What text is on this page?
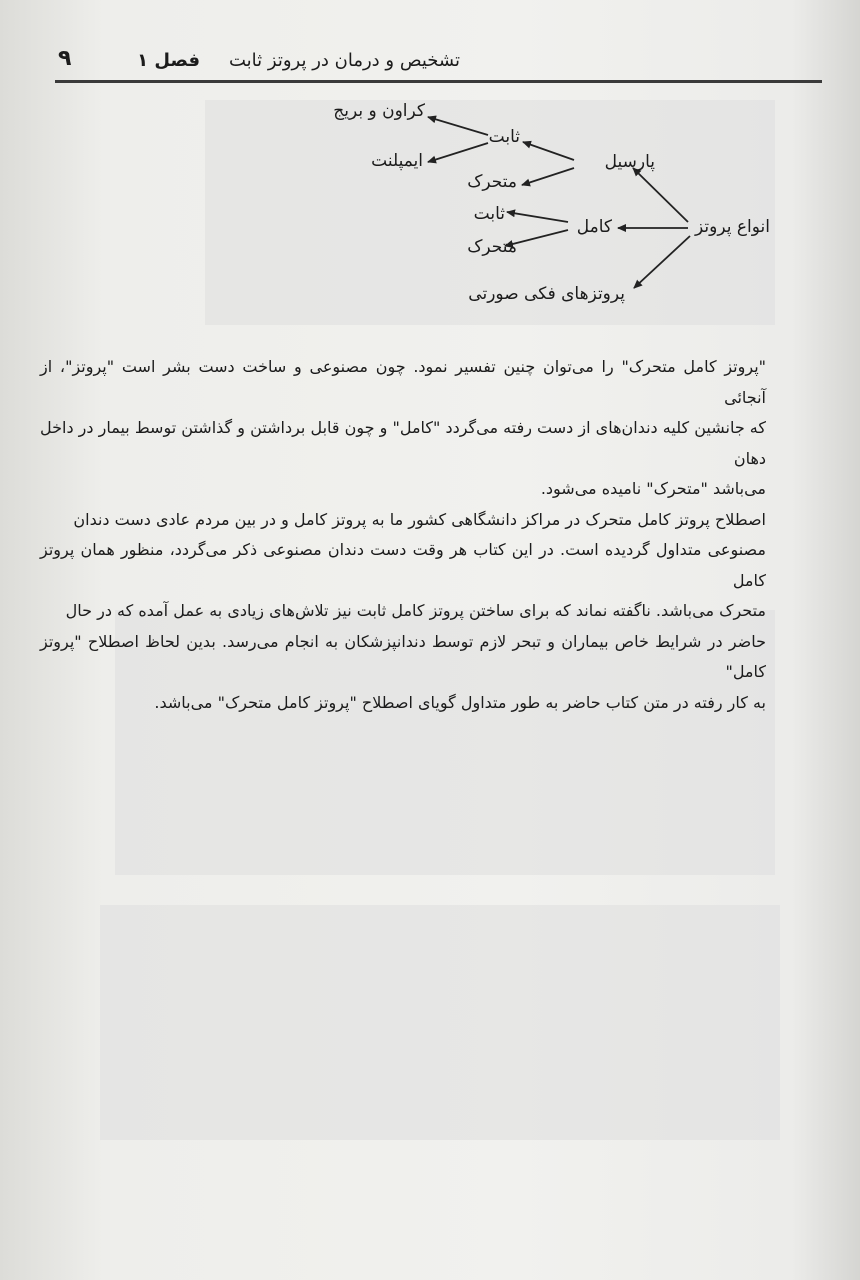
تشخیص و درمان در پروتز ثابت
فصل ۱
۹
انواع پروتز
پارسیل
ثابت
کراون و بریج
ایمپلنت
متحرک
کامل
ثابت
متحرک
پروتزهای فکی صورتی
"پروتز کامل متحرک" را می‌توان چنین تفسیر نمود. چون مصنوعی و ساخت دست بشر است "پروتز"، از آنجائی
که جانشین کلیه دندان‌های از دست رفته می‌گردد "کامل" و چون قابل برداشتن و گذاشتن توسط بیمار در داخل دهان
می‌باشد "متحرک" نامیده می‌شود.
اصطلاح پروتز کامل متحرک در مراکز دانشگاهی کشور ما به پروتز کامل و در بین مردم عادی دست دندان
مصنوعی متداول گردیده است. در این کتاب هر وقت دست دندان مصنوعی ذکر می‌گردد، منظور همان پروتز کامل
متحرک می‌باشد. ناگفته نماند که برای ساختن پروتز کامل ثابت نیز تلاش‌های زیادی به عمل آمده که در حال
حاضر در شرایط خاص بیماران و تبحر لازم توسط دندانپزشکان به انجام می‌رسد. بدین لحاظ اصطلاح "پروتز کامل"
به کار رفته در متن کتاب حاضر به طور متداول گویای اصطلاح "پروتز کامل متحرک" می‌باشد.
